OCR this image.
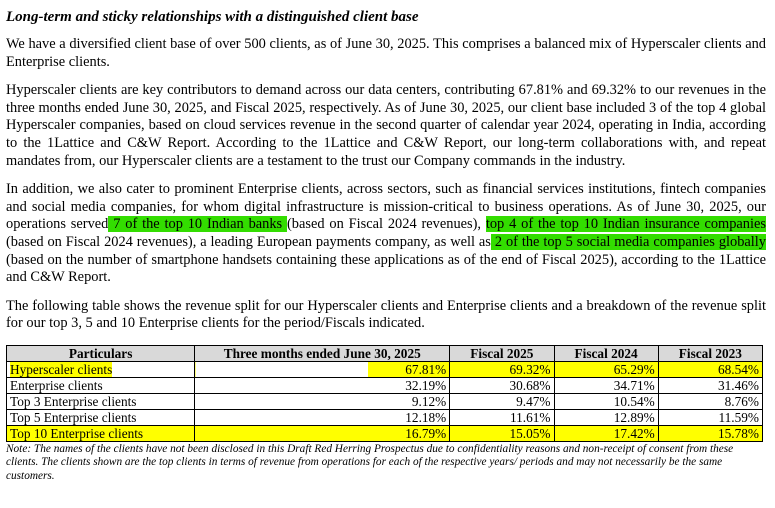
Long-term and sticky relationships with a distinguished client base

We have a diversified client base of over 500 clients, as of June 30, 2025. This comprises a balanced mix of Hyperscaler clients and Enterprise clients.

Hyperscaler clients are key contributors to demand across our data centers, contributing 67.81% and 69.32% to our revenues in the three months ended June 30, 2025, and Fiscal 2025, respectively. As of June 30, 2025, our client base included 3 of the top 4 global Hyperscaler companies, based on cloud services revenue in the second quarter of calendar year 2024, operating in India, according to the 1Lattice and C&W Report. According to the 1Lattice and C&W Report, our long-term collaborations with, and repeat mandates from, our Hyperscaler clients are a testament to the trust our Company commands in the industry.

In addition, we also cater to prominent Enterprise clients, across sectors, such as financial services institutions, fintech companies and social media companies, for whom digital infrastructure is mission-critical to business operations. As of June 30, 2025, our operations served 7 of the top 10 Indian banks (based on Fiscal 2024 revenues), top 4 of the top 10 Indian insurance companies (based on Fiscal 2024 revenues), a leading European payments company, as well as 2 of the top 5 social media companies globally (based on the number of smartphone handsets containing these applications as of the end of Fiscal 2025), according to the 1Lattice and C&W Report.

The following table shows the revenue split for our Hyperscaler clients and Enterprise clients and a breakdown of the revenue split for our top 3, 5 and 10 Enterprise clients for the period/Fiscals indicated.

Particulars	Three months ended June 30, 2025	Fiscal 2025	Fiscal 2024	Fiscal 2023
Hyperscaler clients	67.81%	69.32%	65.29%	68.54%
Enterprise clients	32.19%	30.68%	34.71%	31.46%
Top 3 Enterprise clients	9.12%	9.47%	10.54%	8.76%
Top 5 Enterprise clients	12.18%	11.61%	12.89%	11.59%
Top 10 Enterprise clients	16.79%	15.05%	17.42%	15.78%

Note: The names of the clients have not been disclosed in this Draft Red Herring Prospectus due to confidentiality reasons and non-receipt of consent from these clients. The clients shown are the top clients in terms of revenue from operations for each of the respective years/ periods and may not necessarily be the same customers.
